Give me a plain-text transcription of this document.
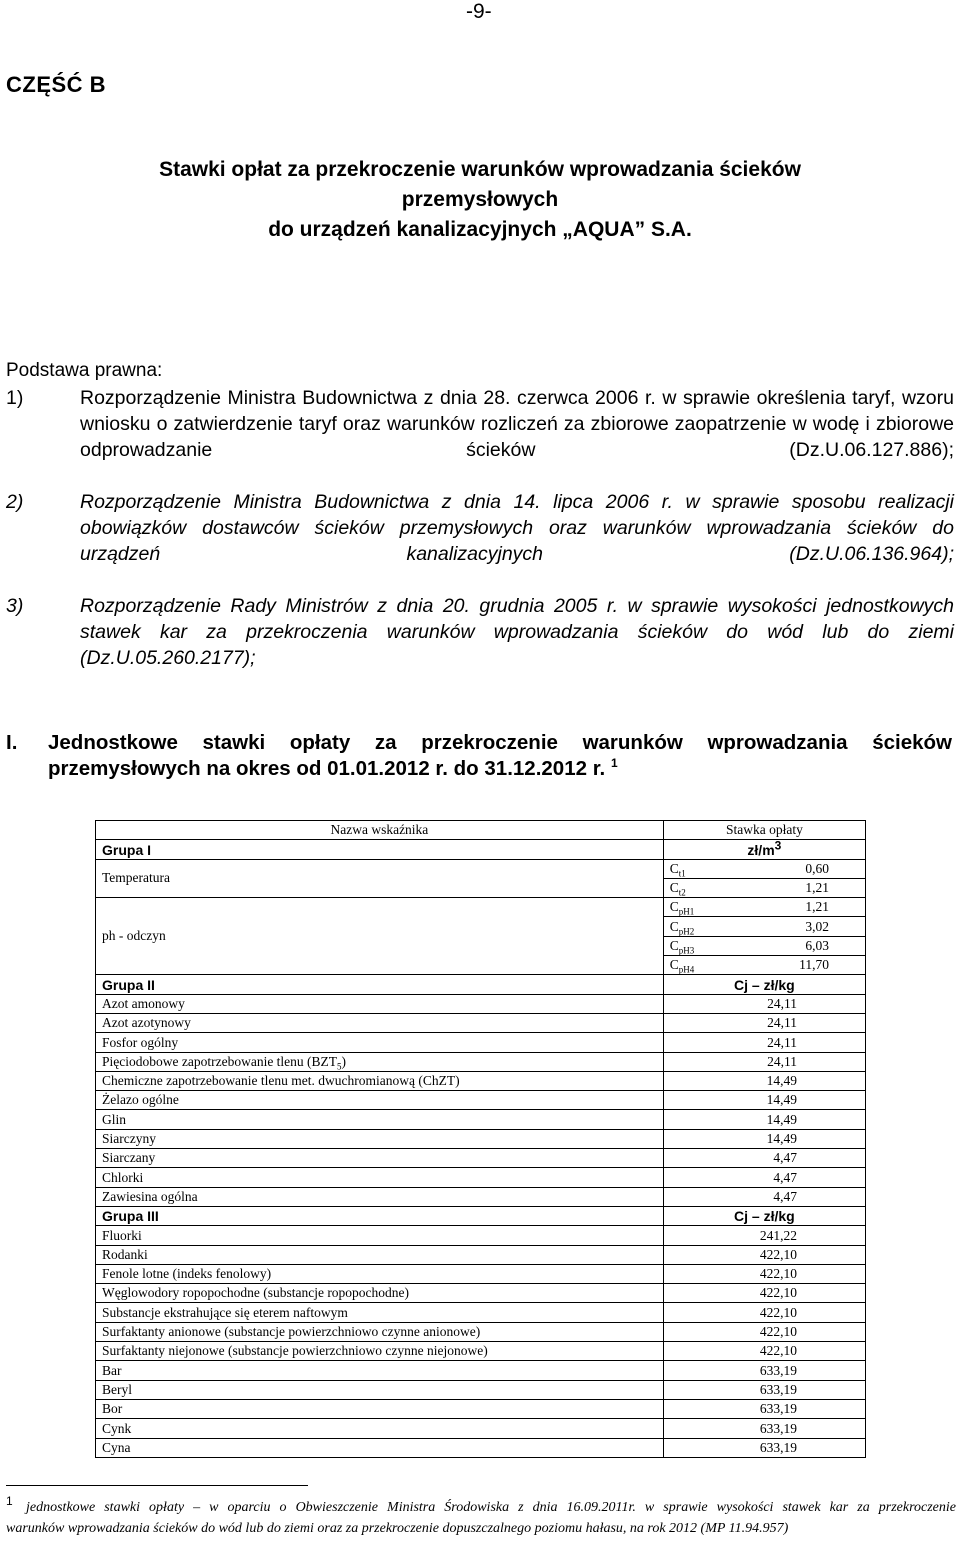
-9-
CZĘŚĆ B
Stawki opłat za przekroczenie warunków wprowadzania ścieków
przemysłowych
do urządzeń kanalizacyjnych „AQUA” S.A.
Podstawa prawna:
1)	Rozporządzenie Ministra Budownictwa z dnia 28. czerwca 2006 r. w sprawie określenia taryf, wzoru wniosku o zatwierdzenie taryf oraz warunków rozliczeń za zbiorowe zaopatrzenie w wodę i zbiorowe odprowadzanie ścieków (Dz.U.06.127.886);
2)	Rozporządzenie Ministra Budownictwa z dnia 14. lipca 2006 r. w sprawie sposobu realizacji obowiązków dostawców ścieków przemysłowych oraz warunków wprowadzania ścieków do urządzeń kanalizacyjnych (Dz.U.06.136.964);
3)	Rozporządzenie Rady Ministrów z dnia 20. grudnia 2005 r. w sprawie wysokości jednostkowych stawek kar za przekroczenia warunków wprowadzania ścieków do wód lub do ziemi (Dz.U.05.260.2177);
I. Jednostkowe stawki opłaty za przekroczenie warunków wprowadzania ścieków
przemysłowych na okres od 01.01.2012 r. do 31.12.2012 r. $^1$
Nazwa wskaźnika	Stawka opłaty	
Grupa I	$zł/m^3$
Temperatura	$C_{t1}$	0,60
	$C_{t2}$	1,21
ph - odczyn	$C_{pH1}$	1,21
	$C_{pH2}$	3,02
	$C_{pH3}$	6,03
	$C_{pH4}$	11,70
Grupa II	Cj – zł/kg	
Azot amonowy	24,11	
Azot azotynowy	24,11	
Fosfor ogólny	24,11	
Pięciodobowe zapotrzebowanie tlenu $(BZT_5)$	24,11	
Chemiczne zapotrzebowanie tlenu met. dwuchromianową (ChZT)	14,49	
Żelazo ogólne	14,49	
Glin	14,49	
Siarczyny	14,49	
Siarczany	4,47	
Chlorki	4,47	
Zawiesina ogólna	4,47	
Grupa III	Cj – zł/kg	
Fluorki	241,22	
Rodanki	422,10	
Fenole lotne (indeks fenolowy)	422,10	
Węglowodory ropopochodne (substancje ropopochodne)	422,10	
Substancje ekstrahujące się eterem naftowym	422,10	
Surfaktanty anionowe (substancje powierzchniowo czynne anionowe)	422,10	
Surfaktanty niejonowe (substancje powierzchniowo czynne niejonowe)	422,10	
Bar	633,19	
Beryl	633,19	
Bor	633,19	
Cynk	633,19	
Cyna	633,19	
1 jednostkowe stawki opłaty – w oparciu o Obwieszczenie Ministra Środowiska z dnia 16.09.2011r. w sprawie wysokości stawek kar za przekroczenie
warunków wprowadzania ścieków do wód lub do ziemi oraz za przekroczenie dopuszczalnego poziomu hałasu, na rok 2012 (MP 11.94.957)
